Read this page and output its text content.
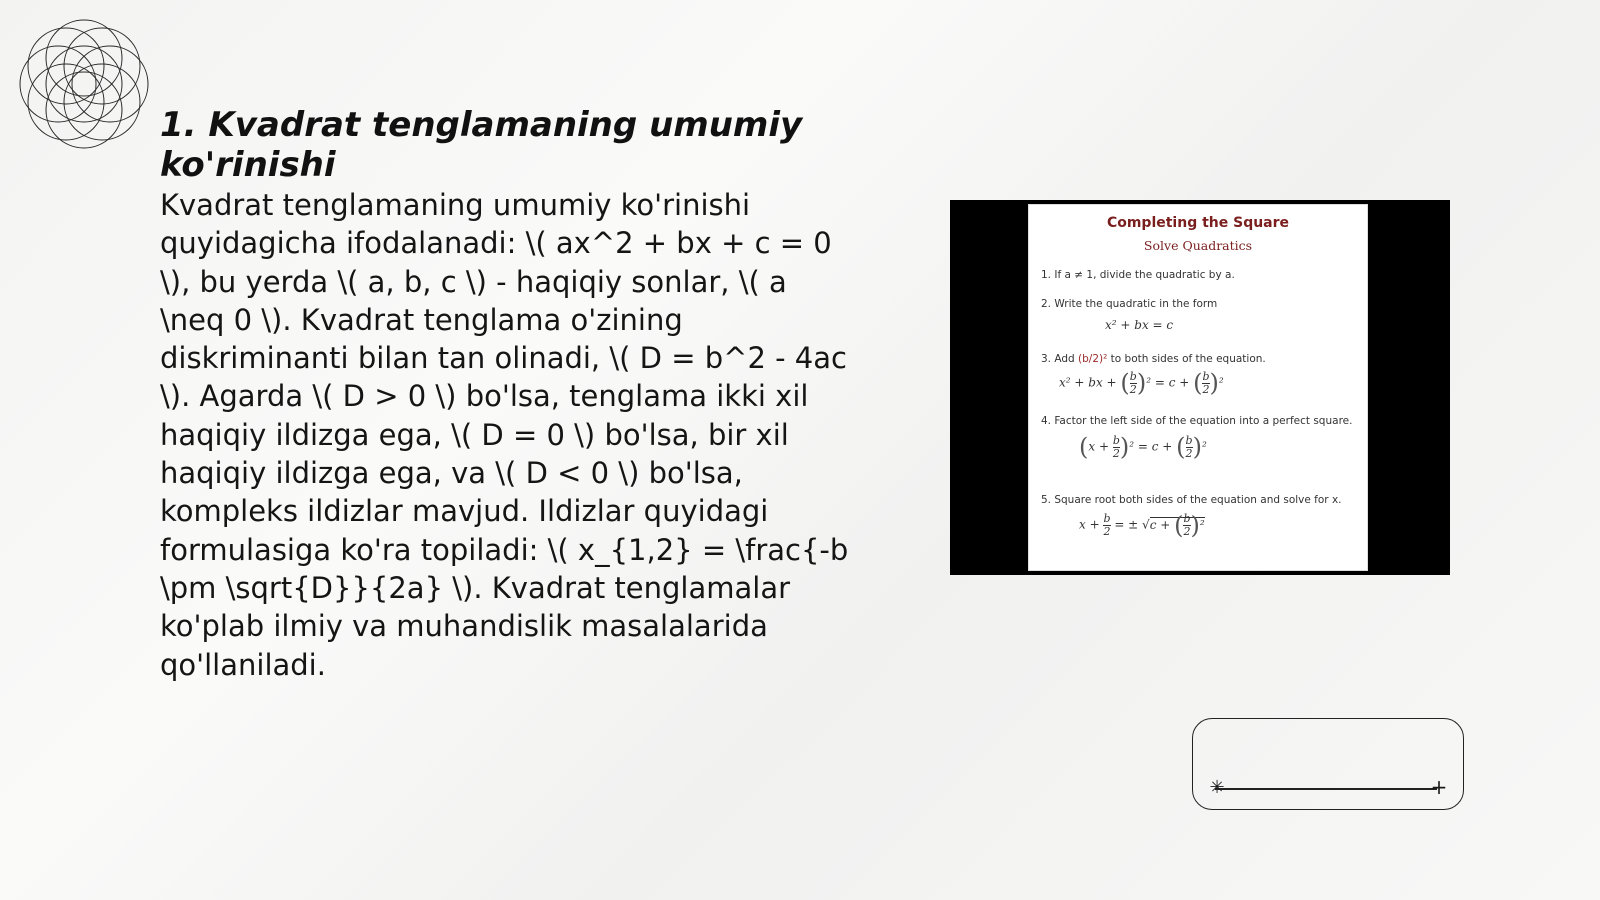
1. Kvadrat tenglamaning umumiy ko'rinishi

Kvadrat tenglamaning umumiy ko'rinishi quyidagicha ifodalanadi: \( ax^2 + bx + c = 0 \), bu yerda \( a, b, c \) - haqiqiy sonlar, \( a \neq 0 \). Kvadrat tenglama o'zining diskriminanti bilan tan olinadi, \( D = b^2 - 4ac \). Agarda \( D > 0 \) bo'lsa, tenglama ikki xil haqiqiy ildizga ega, \( D = 0 \) bo'lsa, bir xil haqiqiy ildizga ega, va \( D < 0 \) bo'lsa, kompleks ildizlar mavjud. Ildizlar quyidagi formulasiga ko'ra topiladi: \( x_{1,2} = \frac{-b \pm \sqrt{D}}{2a} \). Kvadrat tenglamalar ko'plab ilmiy va muhandislik masalalarida qo'llaniladi.

Completing the Square
Solve Quadratics
1. If a ≠ 1, divide the quadratic by a.
2. Write the quadratic in the form
x² + bx = c
3. Add (b/2)² to both sides of the equation.
x² + bx + ( $\frac{b}{2} )^2 = c$ + ( $\frac{b}{2} )^2$
4. Factor the left side of the equation into a perfect square.
$(x + \frac{b}{2} )^2 = c$ + ( $\frac{b}{2} )^2$
5. Square root both sides of the equation and solve for x.
$x + \frac{b}{2}$ = ± √c + ( $\frac{b}{2} )^2$
✳	+
